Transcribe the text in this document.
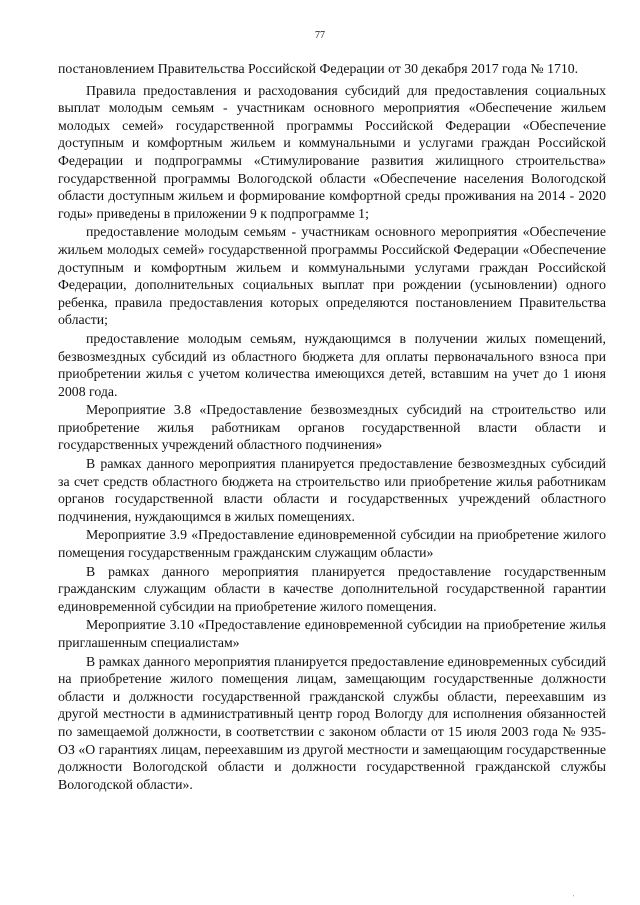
77

постановлением Правительства Российской Федерации от 30 декабря 2017 года № 1710.

Правила предоставления и расходования субсидий для предоставления социальных выплат молодым семьям - участникам основного мероприятия «Обеспечение жильем молодых семей» государственной программы Российской Федерации «Обеспечение доступным и комфортным жильем и коммунальными и услугами граждан Российской Федерации и подпрограммы «Стимулирование развития жилищного строительства» государственной программы Вологодской области «Обеспечение населения Вологодской области доступным жильем и формирование комфортной среды проживания на 2014 - 2020 годы» приведены в приложении 9 к подпрограмме 1;

предоставление молодым семьям - участникам основного мероприятия «Обеспечение жильем молодых семей» государственной программы Российской Федерации «Обеспечение доступным и комфортным жильем и коммунальными услугами граждан Российской Федерации, дополнительных социальных выплат при рождении (усыновлении) одного ребенка, правила предоставления которых определяются постановлением Правительства области;

предоставление молодым семьям, нуждающимся в получении жилых помещений, безвозмездных субсидий из областного бюджета для оплаты первоначального взноса при приобретении жилья с учетом количества имеющихся детей, вставшим на учет до 1 июня 2008 года.

Мероприятие 3.8 «Предоставление безвозмездных субсидий на строительство или приобретение жилья работникам органов государственной власти области и государственных учреждений областного подчинения»

В рамках данного мероприятия планируется предоставление безвозмездных субсидий за счет средств областного бюджета на строительство или приобретение жилья работникам органов государственной власти области и государственных учреждений областного подчинения, нуждающимся в жилых помещениях.

Мероприятие 3.9 «Предоставление единовременной субсидии на приобретение жилого помещения государственным гражданским служащим области»

В рамках данного мероприятия планируется предоставление государственным гражданским служащим области в качестве дополнительной государственной гарантии единовременной субсидии на приобретение жилого помещения.

Мероприятие 3.10 «Предоставление единовременной субсидии на приобретение жилья приглашенным специалистам»

В рамках данного мероприятия планируется предоставление единовременных субсидий на приобретение жилого помещения лицам, замещающим государственные должности области и должности государственной гражданской службы области, переехавшим из другой местности в административный центр город Вологду для исполнения обязанностей по замещаемой должности, в соответствии с законом области от 15 июля 2003 года № 935-ОЗ «О гарантиях лицам, переехавшим из другой местности и замещающим государственные должности Вологодской области и должности государственной гражданской службы Вологодской области».

'
